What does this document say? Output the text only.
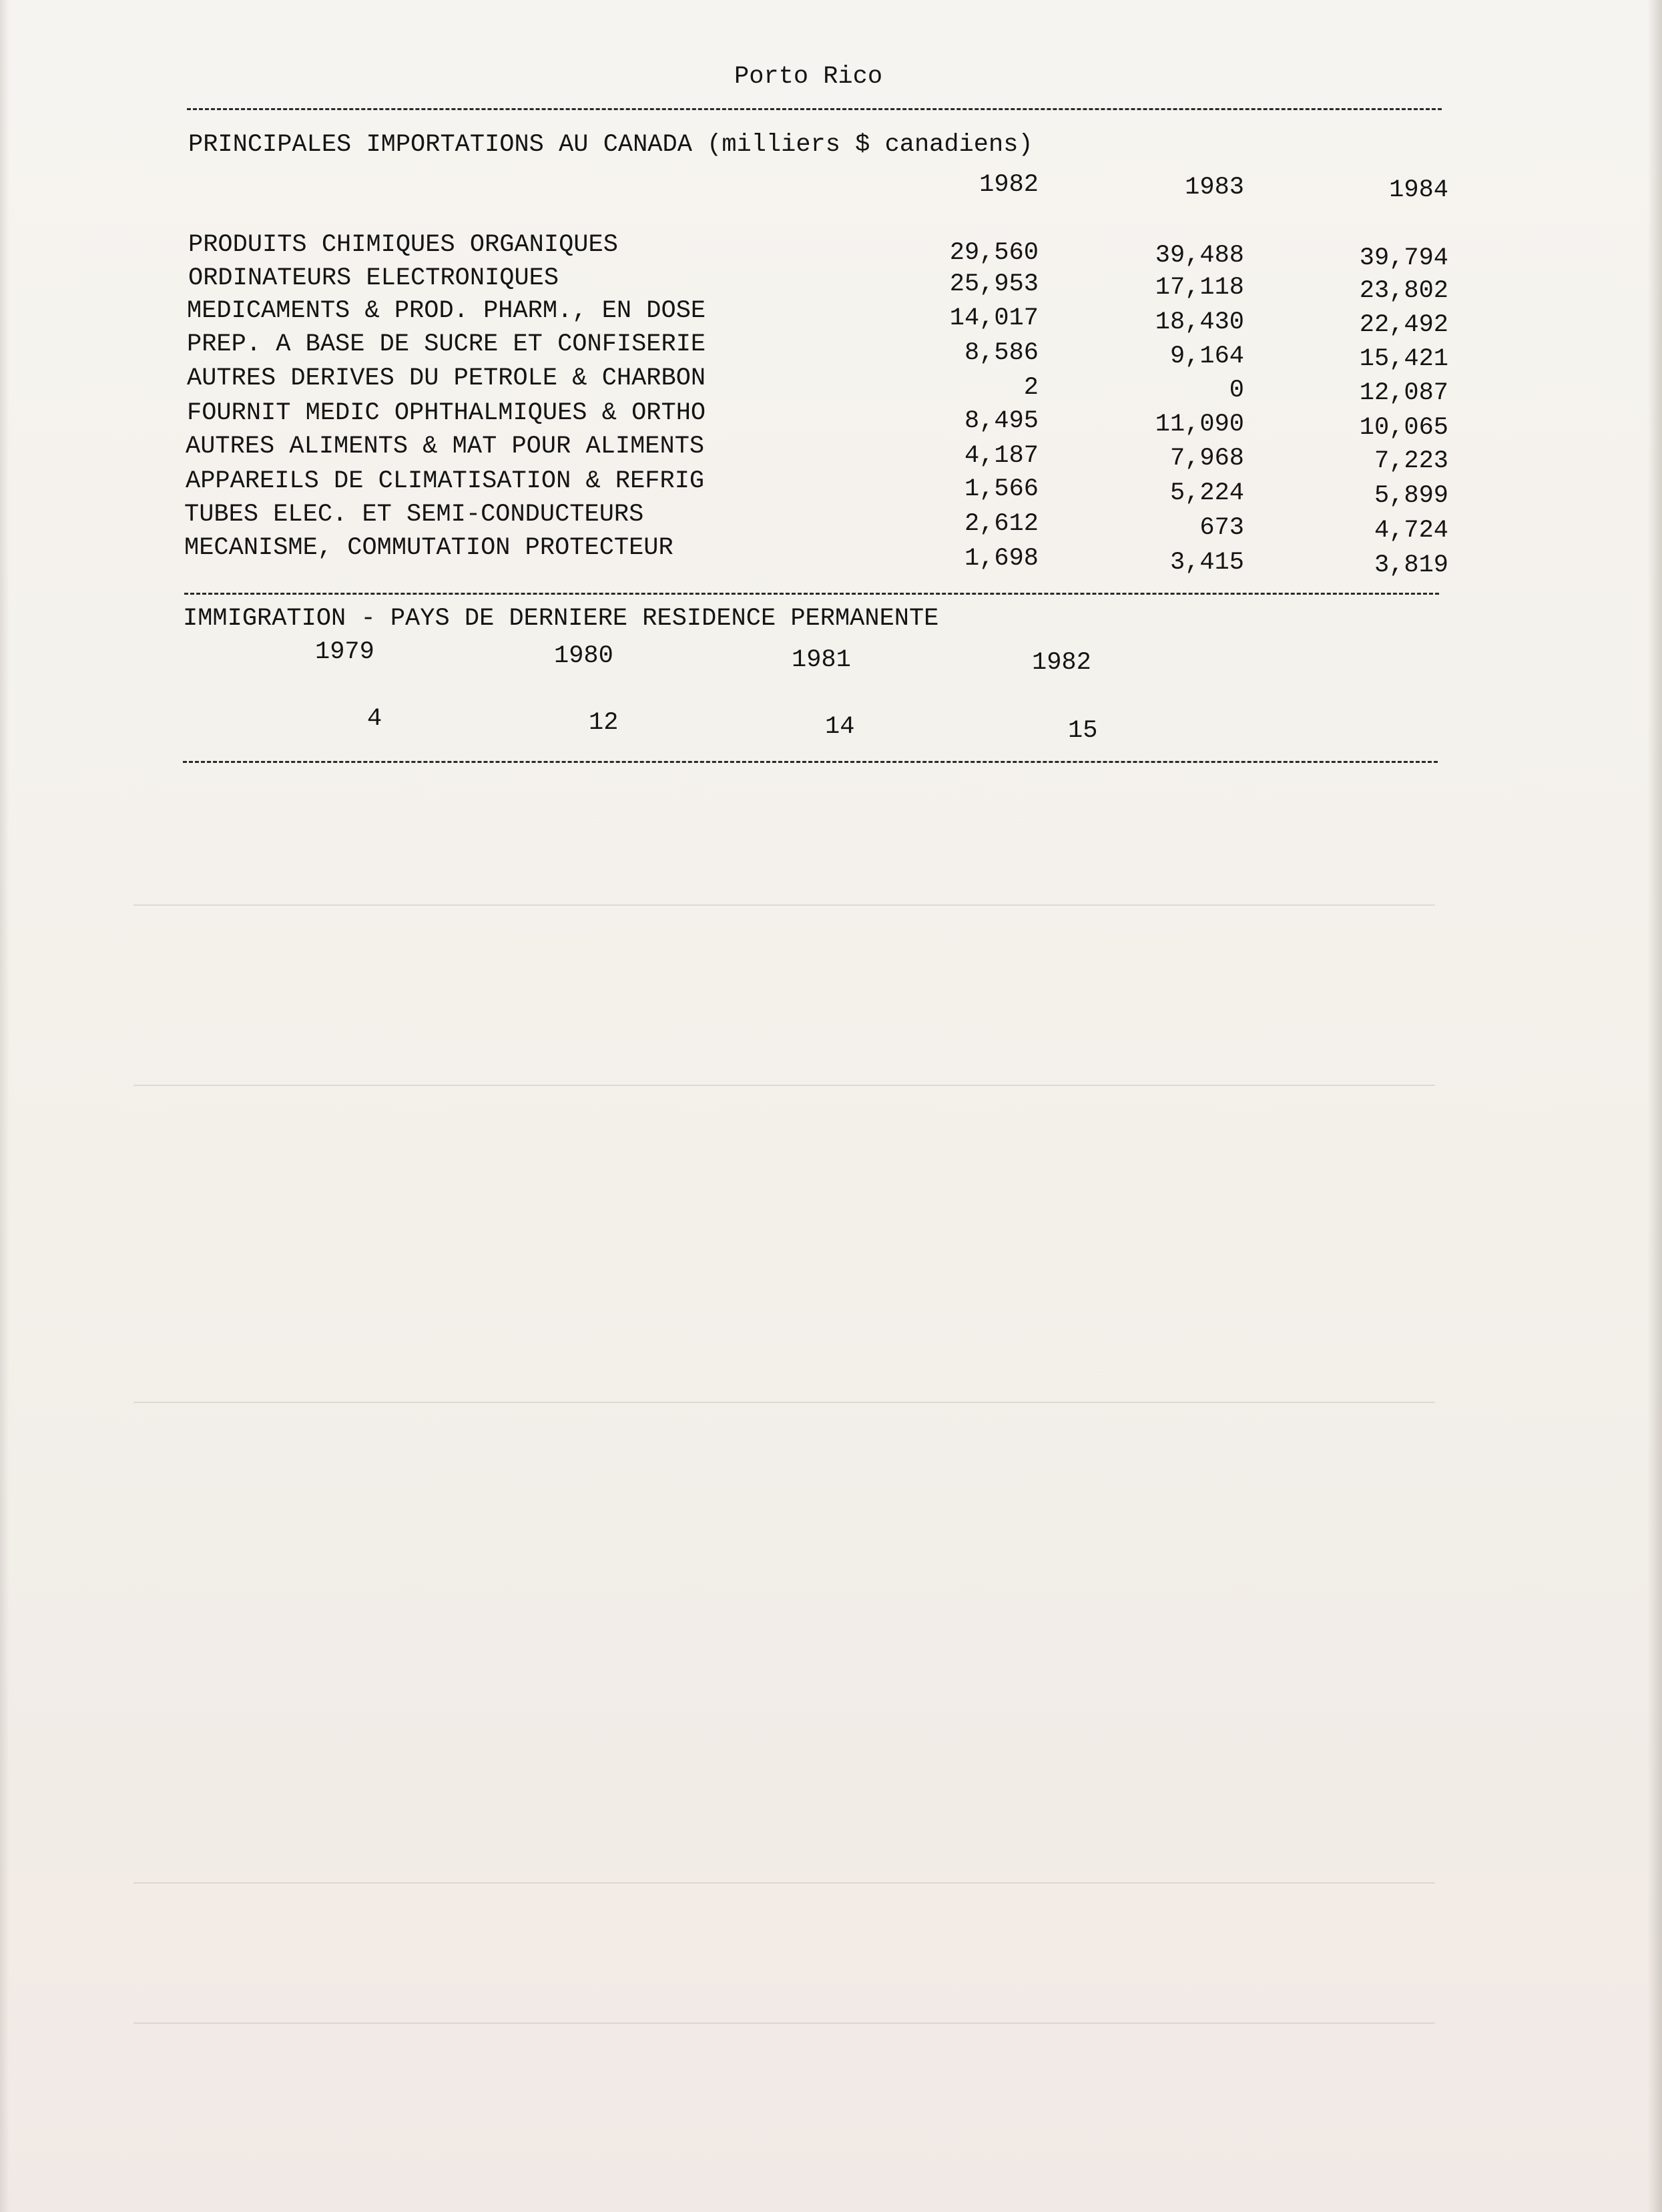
Porto Rico
PRINCIPALES IMPORTATIONS AU CANADA (milliers $ canadiens)
1982	1983	1984
PRODUITS CHIMIQUES ORGANIQUES	29,560	39,488	39,794
ORDINATEURS ELECTRONIQUES	25,953	17,118	23,802
MEDICAMENTS & PROD. PHARM., EN DOSE	14,017	18,430	22,492
PREP. A BASE DE SUCRE ET CONFISERIE	8,586	9,164	15,421
AUTRES DERIVES DU PETROLE & CHARBON	2	0	12,087
FOURNIT MEDIC OPHTHALMIQUES & ORTHO	8,495	11,090	10,065
AUTRES ALIMENTS & MAT POUR ALIMENTS	4,187	7,968	7,223
APPAREILS DE CLIMATISATION & REFRIG	1,566	5,224	5,899
TUBES ELEC. ET SEMI-CONDUCTEURS	2,612	673	4,724
MECANISME, COMMUTATION PROTECTEUR	1,698	3,415	3,819
IMMIGRATION - PAYS DE DERNIERE RESIDENCE PERMANENTE
1979	1980	1981	1982
4	12	14	15
